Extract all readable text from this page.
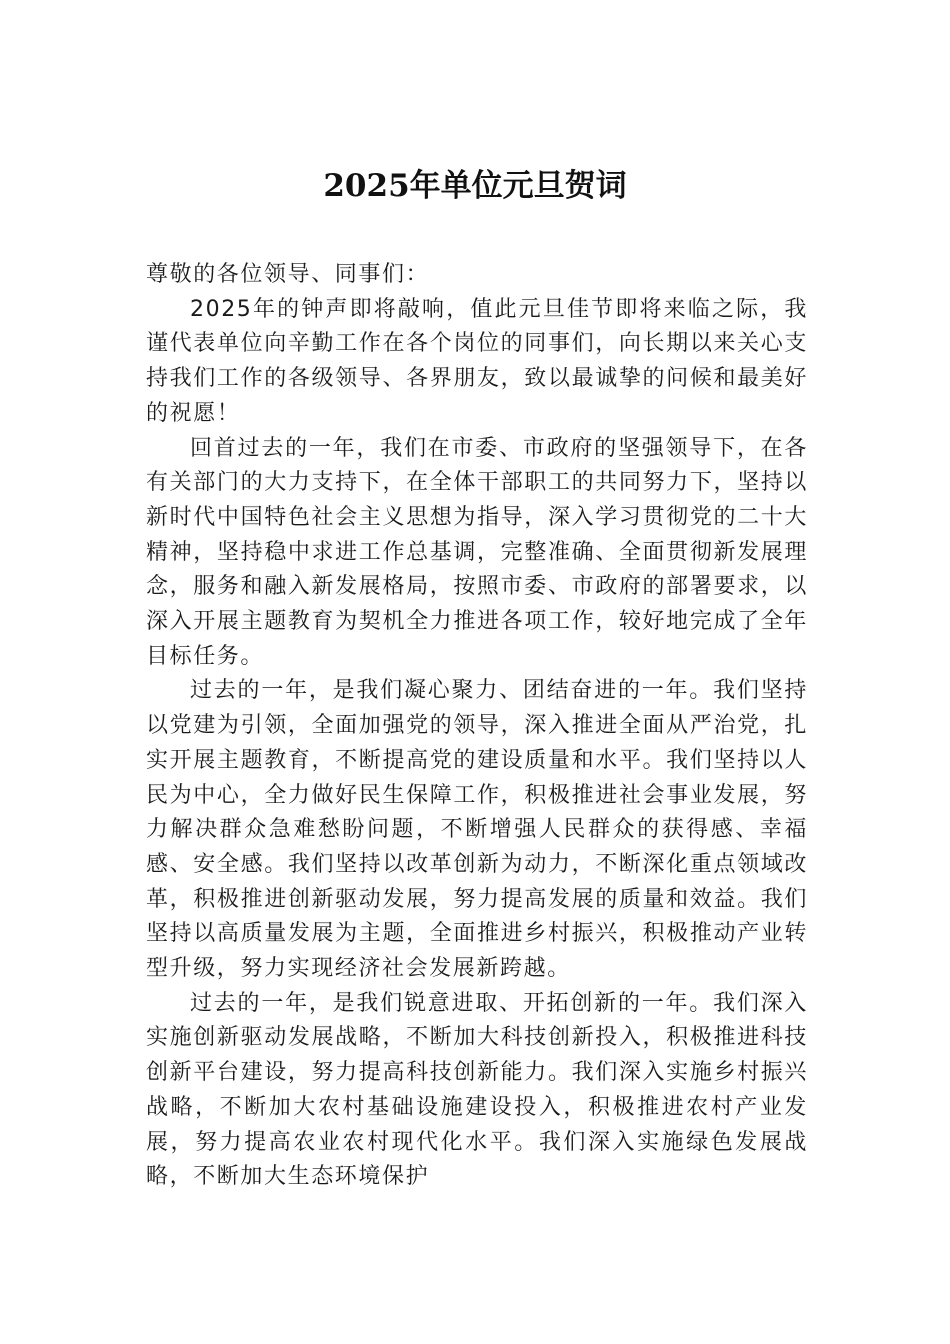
2025年单位元旦贺词

尊敬的各位领导、同事们：

2025年的钟声即将敲响，值此元旦佳节即将来临之际，我谨代表单位向辛勤工作在各个岗位的同事们，向长期以来关心支持我们工作的各级领导、各界朋友，致以最诚挚的问候和最美好的祝愿！

回首过去的一年，我们在市委、市政府的坚强领导下，在各有关部门的大力支持下，在全体干部职工的共同努力下，坚持以新时代中国特色社会主义思想为指导，深入学习贯彻党的二十大精神，坚持稳中求进工作总基调，完整准确、全面贯彻新发展理念，服务和融入新发展格局，按照市委、市政府的部署要求，以深入开展主题教育为契机全力推进各项工作，较好地完成了全年目标任务。

过去的一年，是我们凝心聚力、团结奋进的一年。我们坚持以党建为引领，全面加强党的领导，深入推进全面从严治党，扎实开展主题教育，不断提高党的建设质量和水平。我们坚持以人民为中心，全力做好民生保障工作，积极推进社会事业发展，努力解决群众急难愁盼问题，不断增强人民群众的获得感、幸福感、安全感。我们坚持以改革创新为动力，不断深化重点领域改革，积极推进创新驱动发展，努力提高发展的质量和效益。我们坚持以高质量发展为主题，全面推进乡村振兴，积极推动产业转型升级，努力实现经济社会发展新跨越。

过去的一年，是我们锐意进取、开拓创新的一年。我们深入实施创新驱动发展战略，不断加大科技创新投入，积极推进科技创新平台建设，努力提高科技创新能力。我们深入实施乡村振兴战略，不断加大农村基础设施建设投入，积极推进农村产业发展，努力提高农业农村现代化水平。我们深入实施绿色发展战略，不断加大生态环境保护
